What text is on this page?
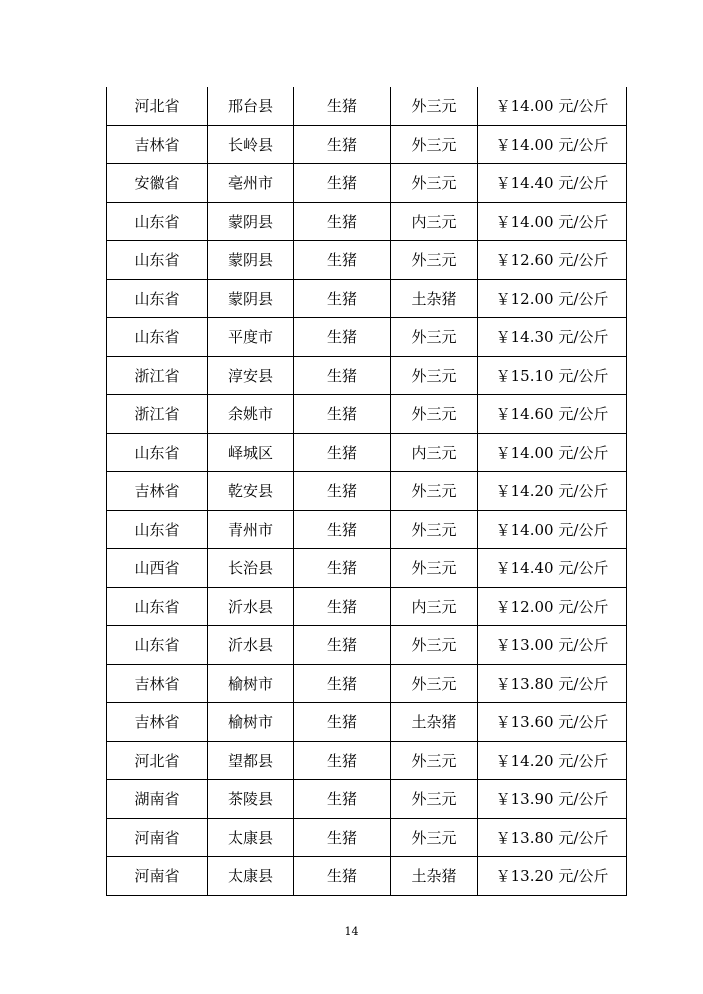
河北省	邢台县	生猪	外三元	￥14.00 元/公斤
吉林省	长岭县	生猪	外三元	￥14.00 元/公斤
安徽省	亳州市	生猪	外三元	￥14.40 元/公斤
山东省	蒙阴县	生猪	内三元	￥14.00 元/公斤
山东省	蒙阴县	生猪	外三元	￥12.60 元/公斤
山东省	蒙阴县	生猪	土杂猪	￥12.00 元/公斤
山东省	平度市	生猪	外三元	￥14.30 元/公斤
浙江省	淳安县	生猪	外三元	￥15.10 元/公斤
浙江省	余姚市	生猪	外三元	￥14.60 元/公斤
山东省	峄城区	生猪	内三元	￥14.00 元/公斤
吉林省	乾安县	生猪	外三元	￥14.20 元/公斤
山东省	青州市	生猪	外三元	￥14.00 元/公斤
山西省	长治县	生猪	外三元	￥14.40 元/公斤
山东省	沂水县	生猪	内三元	￥12.00 元/公斤
山东省	沂水县	生猪	外三元	￥13.00 元/公斤
吉林省	榆树市	生猪	外三元	￥13.80 元/公斤
吉林省	榆树市	生猪	土杂猪	￥13.60 元/公斤
河北省	望都县	生猪	外三元	￥14.20 元/公斤
湖南省	茶陵县	生猪	外三元	￥13.90 元/公斤
河南省	太康县	生猪	外三元	￥13.80 元/公斤
河南省	太康县	生猪	土杂猪	￥13.20 元/公斤
14
